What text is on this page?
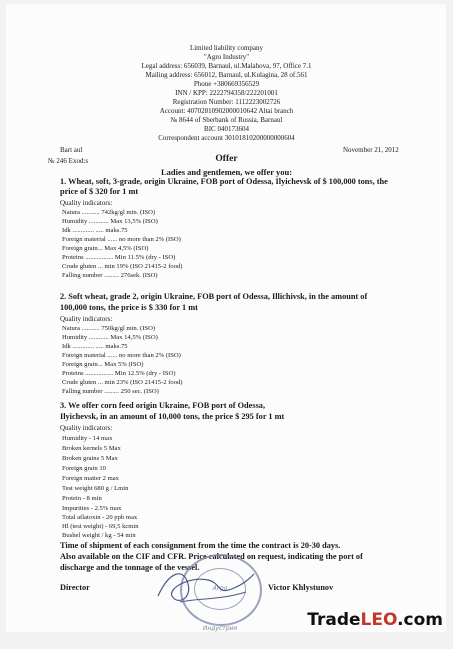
Limited liability company
"Agro Industry"
Legal address: 656039, Barnaul, ul.Malahova, 97, Office 7.1
Mailing address: 656012, Barnaul, ul.Kulagina, 28 of.561
Phone +380669356529
INN / KPP: 2222794358/222201001
Registration Number: 1112223002726
Account: 40702810902000010642 Altai branch
№ 8644 of Sberbank of Russia, Barnaul
BIC 040173604
Correspondent account 30101810200000000604
Bart aul	November 21, 2012
№ 246 Exod:s	Offer
Ladies and gentlemen, we offer you:
1. Wheat, soft, 3-grade, origin Ukraine, FOB port of Odessa, Ilyichevsk of $ 100,000 tons, the
price of $ 320 for 1 mt
Quality indicators:
Natura ........... 742kg/gl min. (ISO)
Humidity ............ Max 13,5% (ISO)
Idk ............. ..... maks.75
Foreign material ...... no more than 2% (ISO)
Foreign grain... Max 4,5% (ISO)
Proteins ................. Min 11.5% (dry - ISO)
Crude gluten ... min 19% (ISO 21415-2 food)
Falling number ......... 276sek. (ISO)
2. Soft wheat, grade 2, origin Ukraine, FOB port of Odessa, Illichivsk, in the amount of
100,000 tons, the price is $ 330 for 1 mt
Quality indicators:
Natura ........... 750kg/gl min. (ISO)
Humidity ............ Max 14,5% (ISO)
Idk ............. ..... maks.75
Foreign material ...... no more than 2% (ISO)
Foreign grain... Max 5% (ISO)
Proteins ................. Min 12.5% (dry - ISO)
Crude gluten ... min 23% (ISO 21415-2 food)
Falling number ......... 250 sec. (ISO)
3. We offer corn feed origin Ukraine, FOB port of Odessa,
Ilyichevsk, in an amount of 10,000 tons, the price $ 295 for 1 mt
Quality indicators:
Humidity - 14 max
Broken kernels 5 Max
Broken grains 5 Max
Foreign grain 10
Foreign matter 2 max
Test weight 680 g / Lmin
Protein - 8 min
Impurities - 2.5% max
Total aflatoxin - 20 ppb max
Hl (test weight) - 69,5 kcmin
Bushel weight / kg - 54 min
Time of shipment of each consignment from the time the contract is 20-30 days.
Also available on the CIF and CFR. Price calculated on request, indicating the port of
discharge and the tonnage of the vessel.
Director	Victor Khlystunov
Агро Индустрия	TradeLEO.com
